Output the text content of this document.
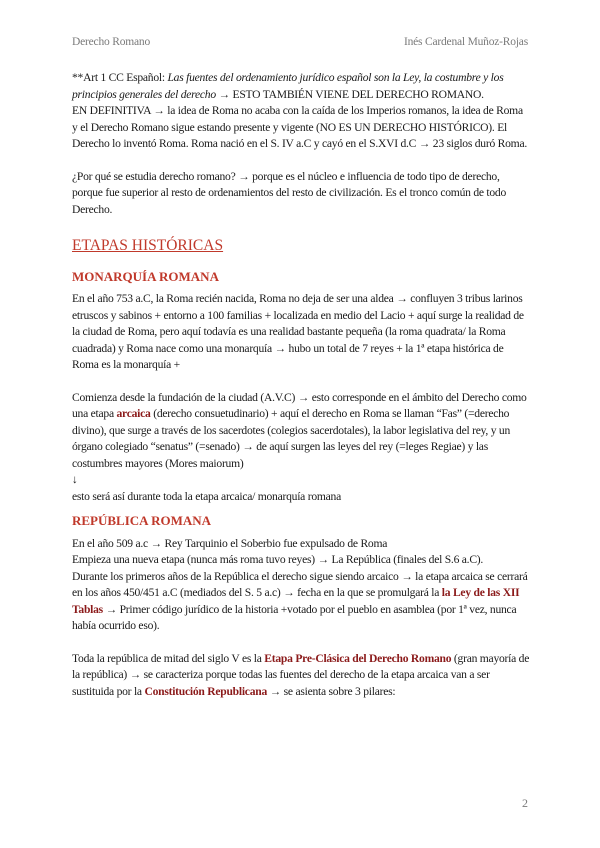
Derecho Romano	Inés Cardenal Muñoz-Rojas

**Art 1 CC Español: Las fuentes del ordenamiento jurídico español son la Ley, la costumbre y los principios generales del derecho → ESTO TAMBIÉN VIENE DEL DERECHO ROMANO.

EN DEFINITIVA → la idea de Roma no acaba con la caída de los Imperios romanos, la idea de Roma y el Derecho Romano sigue estando presente y vigente (NO ES UN DERECHO HISTÓRICO). El Derecho lo inventó Roma. Roma nació en el S. IV a.C y cayó en el S.XVI d.C → 23 siglos duró Roma.

¿Por qué se estudia derecho romano? → porque es el núcleo e influencia de todo tipo de derecho, porque fue superior al resto de ordenamientos del resto de civilización. Es el tronco común de todo Derecho.

ETAPAS HISTÓRICAS
MONARQUÍA ROMANA

En el año 753 a.C, la Roma recién nacida, Roma no deja de ser una aldea → confluyen 3 tribus larinos etruscos y sabinos + entorno a 100 familias + localizada en medio del Lacio + aquí surge la realidad de la ciudad de Roma, pero aquí todavía es una realidad bastante pequeña (la roma quadrata/ la Roma cuadrada) y Roma nace como una monarquía → hubo un total de 7 reyes + la 1ª etapa histórica de Roma es la monarquía +

Comienza desde la fundación de la ciudad (A.V.C) → esto corresponde en el ámbito del Derecho como una etapa arcaica (derecho consuetudinario) + aquí el derecho en Roma se llaman “Fas” (=derecho divino), que surge a través de los sacerdotes (colegios sacerdotales), la labor legislativa del rey, y un órgano colegiado “senatus” (=senado) → de aquí surgen las leyes del rey (=leges Regiae) y las costumbres mayores (Mores maiorum)

↓

esto será así durante toda la etapa arcaica/ monarquía romana

REPÚBLICA ROMANA

En el año 509 a.c → Rey Tarquinio el Soberbio fue expulsado de Roma

Empieza una nueva etapa (nunca más roma tuvo reyes) → La República (finales del S.6 a.C).

Durante los primeros años de la República el derecho sigue siendo arcaico → la etapa arcaica se cerrará en los años 450/451 a.C (mediados del S. 5 a.c) → fecha en la que se promulgará la la Ley de las XII Tablas → Primer código jurídico de la historia +votado por el pueblo en asamblea (por 1ª vez, nunca había ocurrido eso).

Toda la república de mitad del siglo V es la Etapa Pre-Clásica del Derecho Romano (gran mayoría de la república) → se caracteriza porque todas las fuentes del derecho de la etapa arcaica van a ser sustituida por la Constitución Republicana → se asienta sobre 3 pilares:

2
